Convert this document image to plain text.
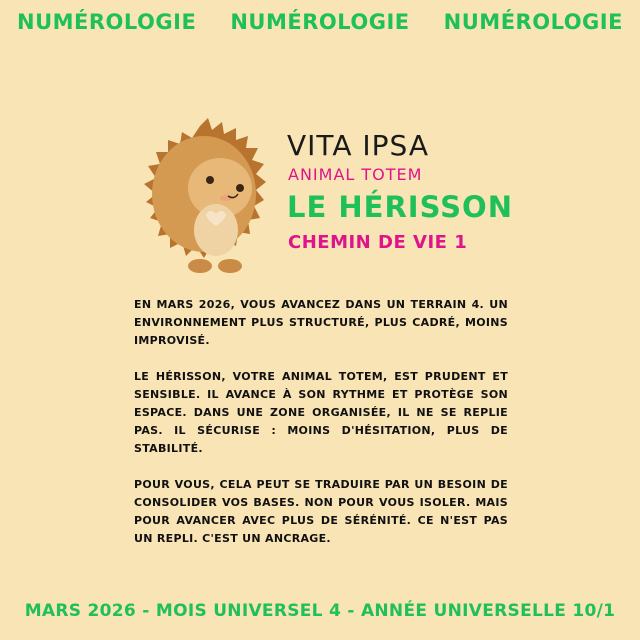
NUMÉROLOGIE NUMÉROLOGIE NUMÉROLOGIE
VITA IPSA
ANIMAL TOTEM
LE HÉRISSON
CHEMIN DE VIE 1

EN MARS 2026, VOUS AVANCEZ DANS UN TERRAIN 4. UN ENVIRONNEMENT PLUS STRUCTURÉ, PLUS CADRÉ, MOINS IMPROVISÉ.

LE HÉRISSON, VOTRE ANIMAL TOTEM, EST PRUDENT ET SENSIBLE. IL AVANCE À SON RYTHME ET PROTÈGE SON ESPACE. DANS UNE ZONE ORGANISÉE, IL NE SE REPLIE PAS. IL SÉCURISE : MOINS D'HÉSITATION, PLUS DE STABILITÉ.

POUR VOUS, CELA PEUT SE TRADUIRE PAR UN BESOIN DE CONSOLIDER VOS BASES. NON POUR VOUS ISOLER. MAIS POUR AVANCER AVEC PLUS DE SÉRÉNITÉ. CE N'EST PAS UN REPLI. C'EST UN ANCRAGE.

MARS 2026 - MOIS UNIVERSEL 4 - ANNÉE UNIVERSELLE 10/1
